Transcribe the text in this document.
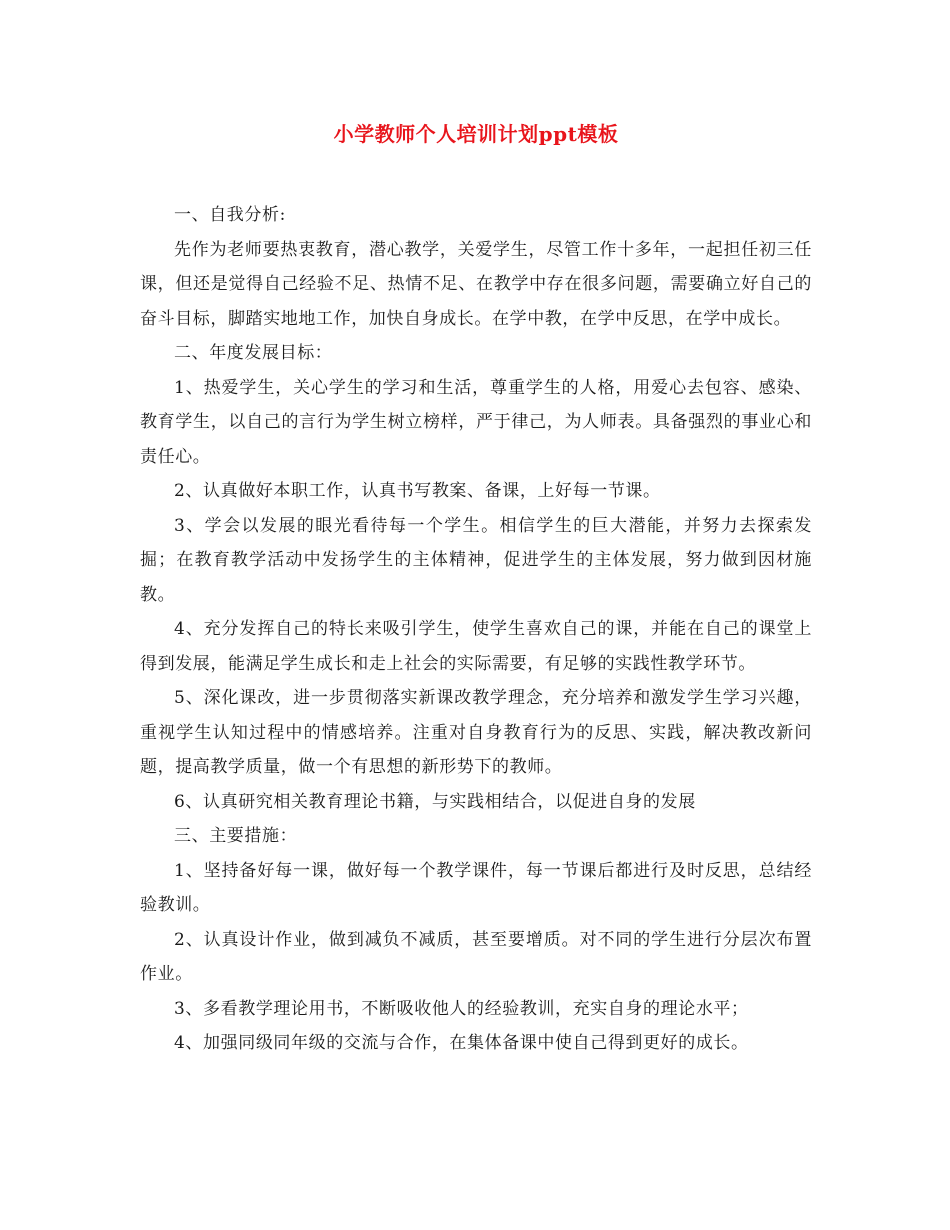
小学教师个人培训计划ppt模板

一、自我分析:

先作为老师要热衷教育，潜心教学，关爱学生，尽管工作十多年，一起担任初三任课，但还是觉得自己经验不足、热情不足、在教学中存在很多问题，需要确立好自己的奋斗目标，脚踏实地地工作，加快自身成长。在学中教，在学中反思，在学中成长。

二、年度发展目标：

1、热爱学生，关心学生的学习和生活，尊重学生的人格，用爱心去包容、感染、教育学生，以自己的言行为学生树立榜样，严于律己，为人师表。具备强烈的事业心和责任心。

2、认真做好本职工作，认真书写教案、备课，上好每一节课。

3、学会以发展的眼光看待每一个学生。相信学生的巨大潜能，并努力去探索发掘；在教育教学活动中发扬学生的主体精神，促进学生的主体发展，努力做到因材施教。

4、充分发挥自己的特长来吸引学生，使学生喜欢自己的课，并能在自己的课堂上得到发展，能满足学生成长和走上社会的实际需要，有足够的实践性教学环节。

5、深化课改，进一步贯彻落实新课改教学理念，充分培养和激发学生学习兴趣，重视学生认知过程中的情感培养。注重对自身教育行为的反思、实践，解决教改新问题，提高教学质量，做一个有思想的新形势下的教师。

6、认真研究相关教育理论书籍，与实践相结合，以促进自身的发展

三、主要措施：

1、坚持备好每一课，做好每一个教学课件，每一节课后都进行及时反思，总结经验教训。

2、认真设计作业，做到减负不减质，甚至要增质。对不同的学生进行分层次布置作业。

3、多看教学理论用书，不断吸收他人的经验教训，充实自身的理论水平；

4、加强同级同年级的交流与合作，在集体备课中使自己得到更好的成长。
